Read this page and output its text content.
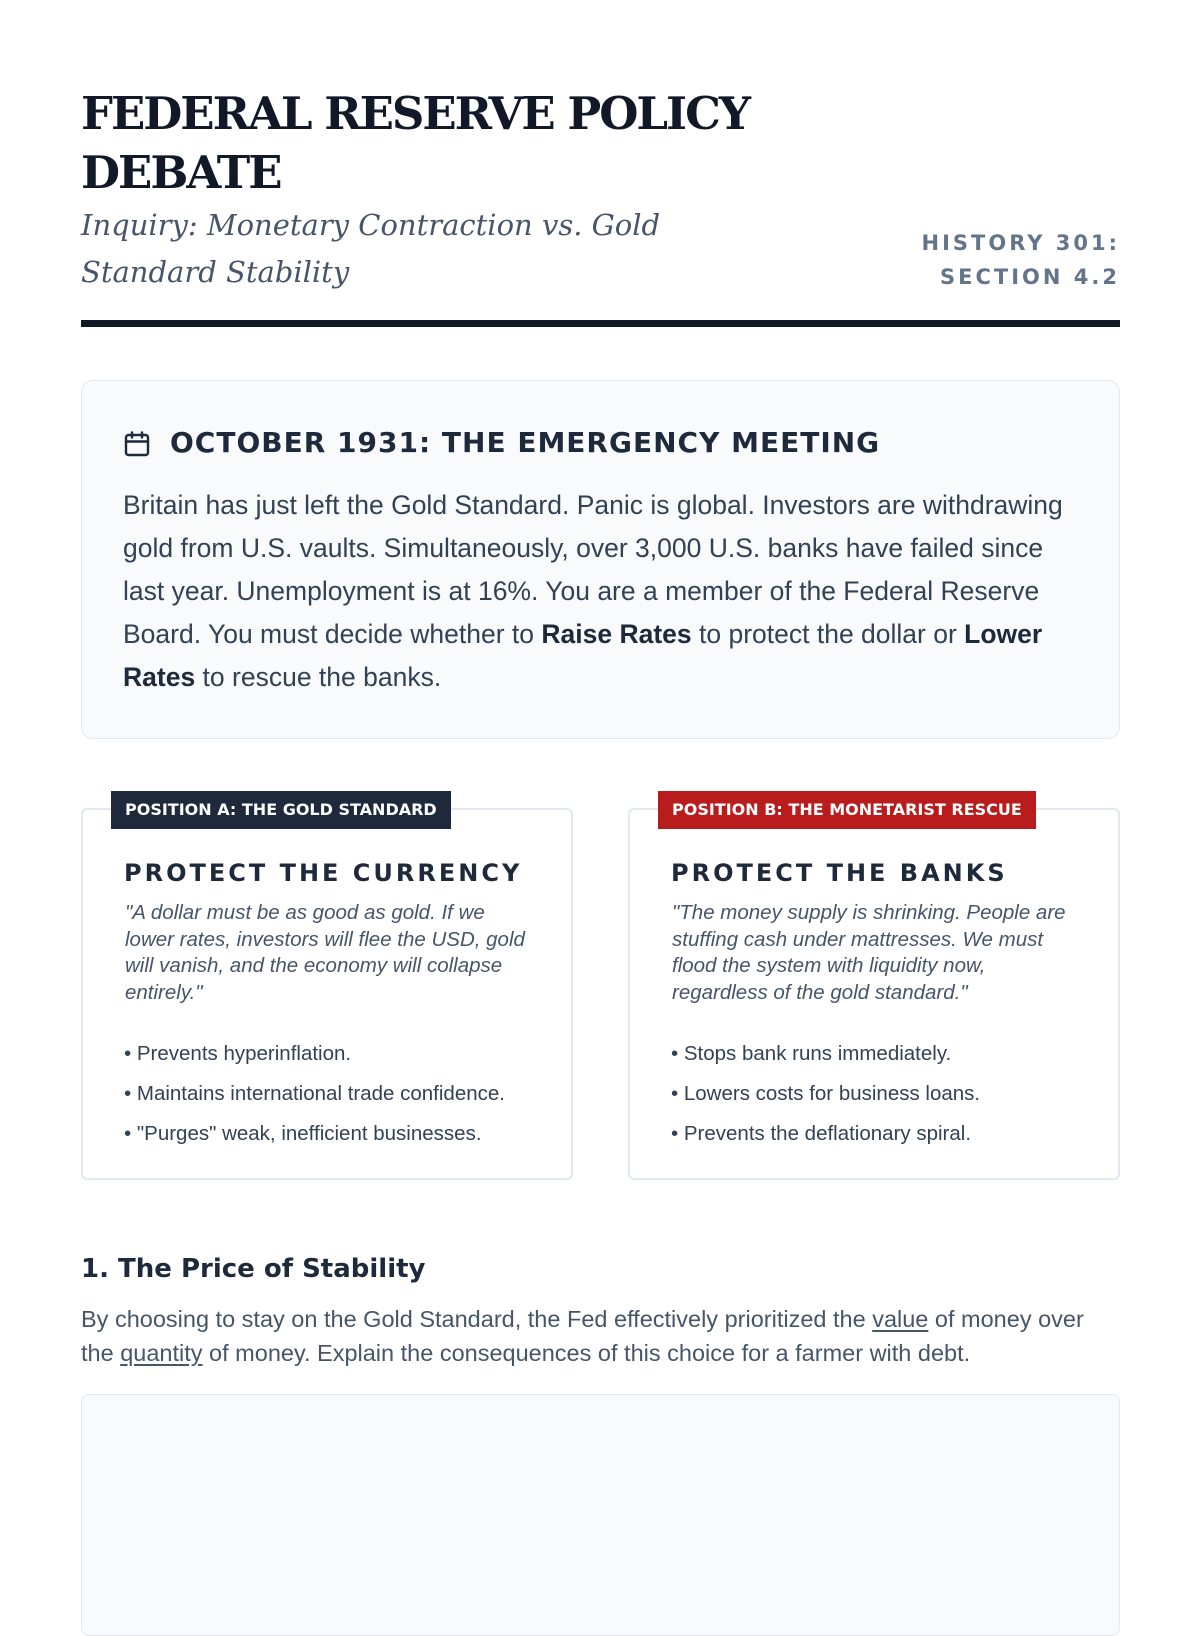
FEDERAL RESERVE POLICY DEBATE

Inquiry: Monetary Contraction vs. Gold Standard Stability

HISTORY 301: SECTION 4.2
OCTOBER 1931: THE EMERGENCY MEETING

Britain has just left the Gold Standard. Panic is global. Investors are withdrawing gold from U.S. vaults. Simultaneously, over 3,000 U.S. banks have failed since last year. Unemployment is at 16%. You are a member of the Federal Reserve Board. You must decide whether to Raise Rates to protect the dollar or Lower Rates to rescue the banks.

POSITION A: THE GOLD STANDARD
PROTECT THE CURRENCY

"A dollar must be as good as gold. If we lower rates, investors will flee the USD, gold will vanish, and the economy will collapse entirely."

• Prevents hyperinflation.
• Maintains international trade confidence.
• "Purges" weak, inefficient businesses.
POSITION B: THE MONETARIST RESCUE
PROTECT THE BANKS

"The money supply is shrinking. People are stuffing cash under mattresses. We must flood the system with liquidity now, regardless of the gold standard."

• Stops bank runs immediately.
• Lowers costs for business loans.
• Prevents the deflationary spiral.
1. The Price of Stability

By choosing to stay on the Gold Standard, the Fed effectively prioritized the value of money over the quantity of money. Explain the consequences of this choice for a farmer with debt.
